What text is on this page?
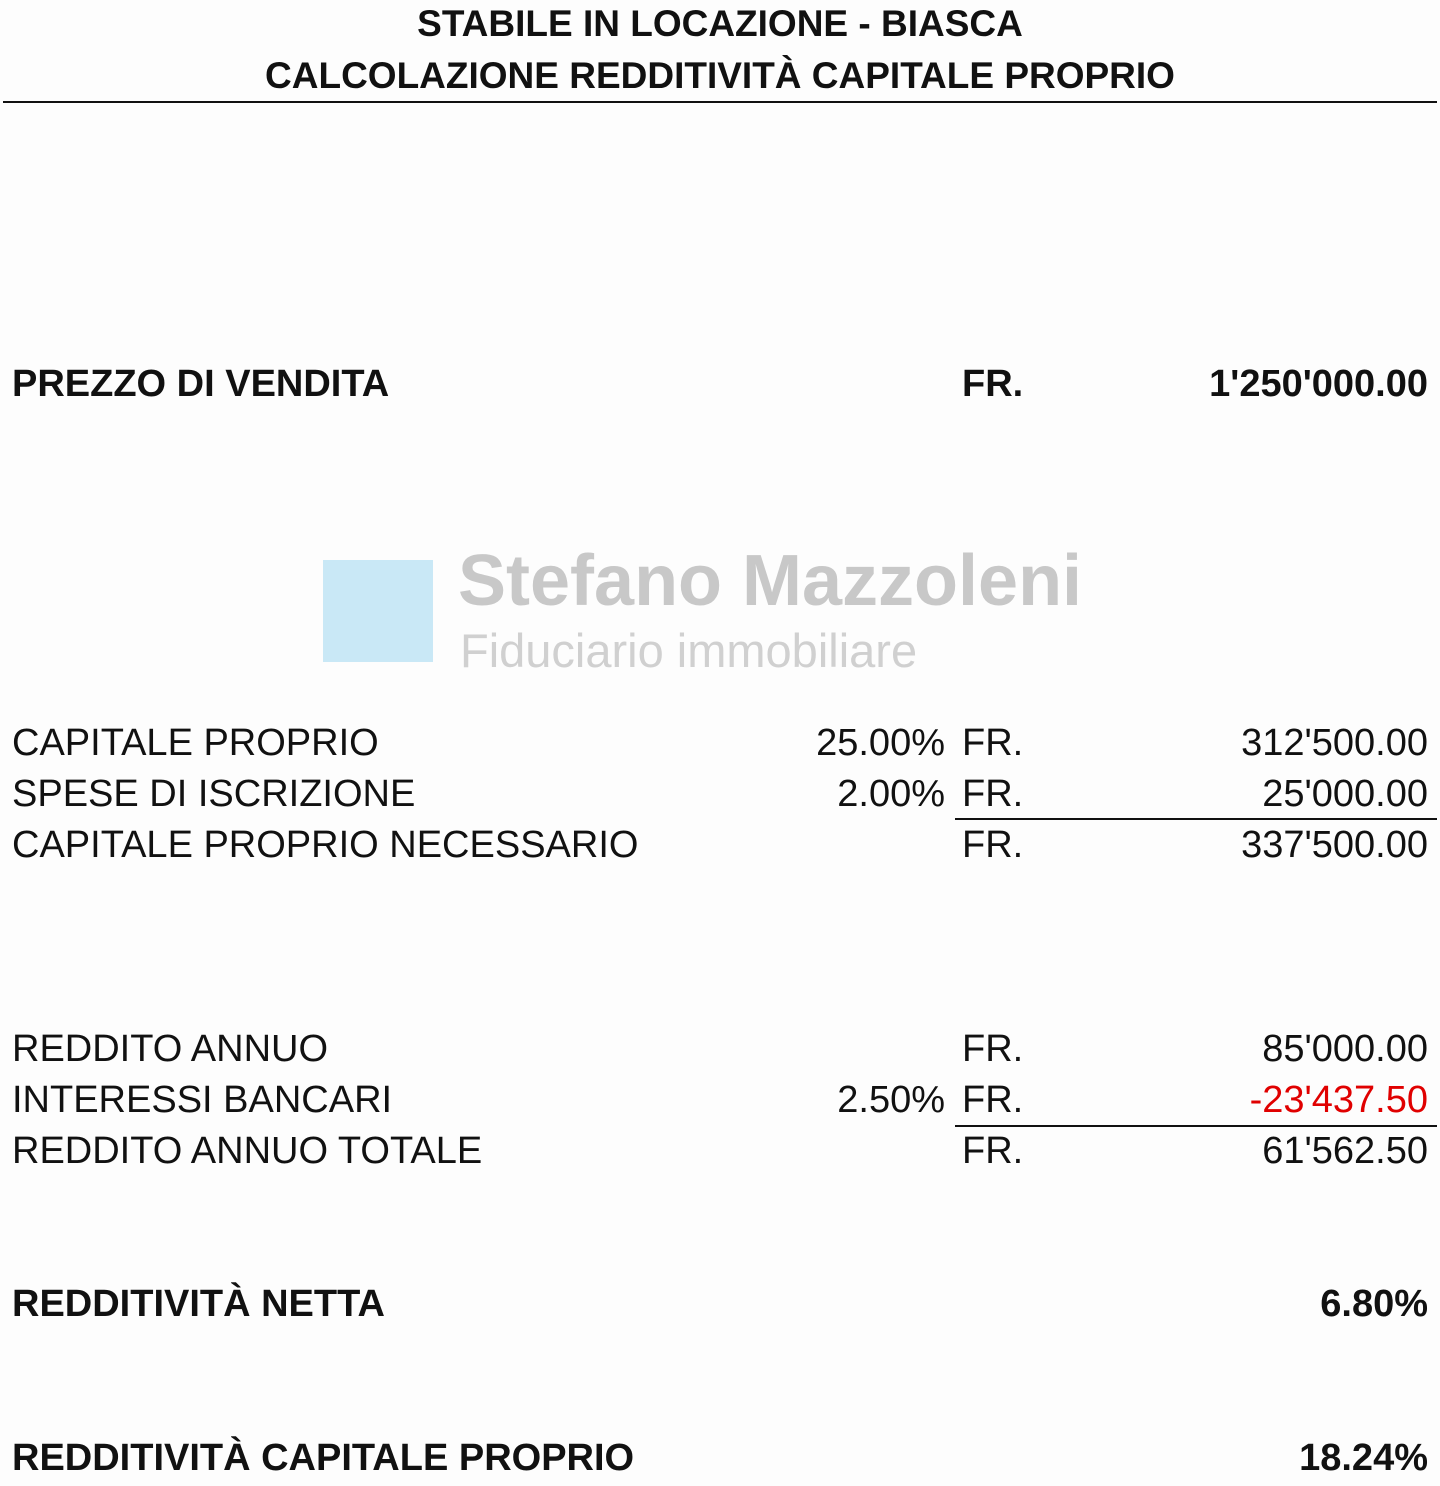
STABILE IN LOCAZIONE - BIASCA
CALCOLAZIONE REDDITIVITÀ CAPITALE PROPRIO
Stefano Mazzoleni
Fiduciario immobiliare
PREZZO DI VENDITA	FR.	1'250'000.00
CAPITALE PROPRIO	25.00% FR.	312'500.00
SPESE DI ISCRIZIONE	2.00% FR.	25'000.00
CAPITALE PROPRIO NECESSARIO	FR.	337'500.00
REDDITO ANNUO	FR.	85'000.00
INTERESSI BANCARI	2.50% FR.	-23'437.50
REDDITO ANNUO TOTALE	FR.	61'562.50
REDDITIVITÀ NETTA	6.80%
REDDITIVITÀ CAPITALE PROPRIO	18.24%
